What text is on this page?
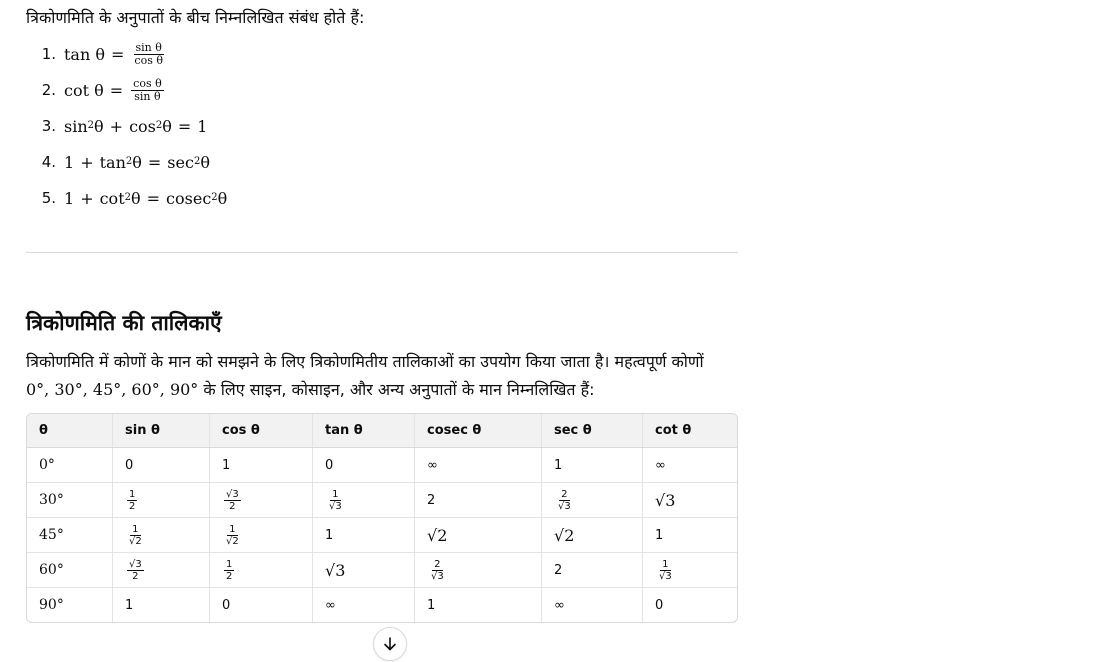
त्रिकोणमिति के अनुपातों के बीच निम्नलिखित संबंध होते हैं:
1. $\tan \theta = \frac{\text{sin θ}}{\text{cos θ}}$
2. $\cot \theta = \frac{\text{cos θ}}{\text{sin θ}}$
3. sin 2 θ + cos 2 θ = 1
4. 1 + tan 2 θ = sec 2 θ
5. 1 + cot 2 θ = cosec 2 θ
त्रिकोणमिति की तालिकाएँ
त्रिकोणमिति में कोणों के मान को समझने के लिए त्रिकोणमितीय तालिकाओं का उपयोग किया जाता है। महत्वपूर्ण कोणों
0°, 30°, 45°, 60°, 90° के लिए साइन, कोसाइन, और अन्य अनुपातों के मान निम्नलिखित हैं:
θ	sin θ	cos θ	tan θ	cosec θ	sec θ	cot θ
0°	0	1	0	∞	1	∞
30°	$\frac{1}{2}$	$\frac{√3}{2}$	$\frac{1}{√3}$	2	$\frac{2}{√3}$	√3
45°	$\frac{1}{√2}$	$\frac{1}{√2}$	1	√2	√2	1
60°	$\frac{√3}{2}$	$\frac{1}{2}$	√3	$\frac{2}{√3}$	2	$\frac{1}{√3}$

90°	1	0	∞	1	∞	0
